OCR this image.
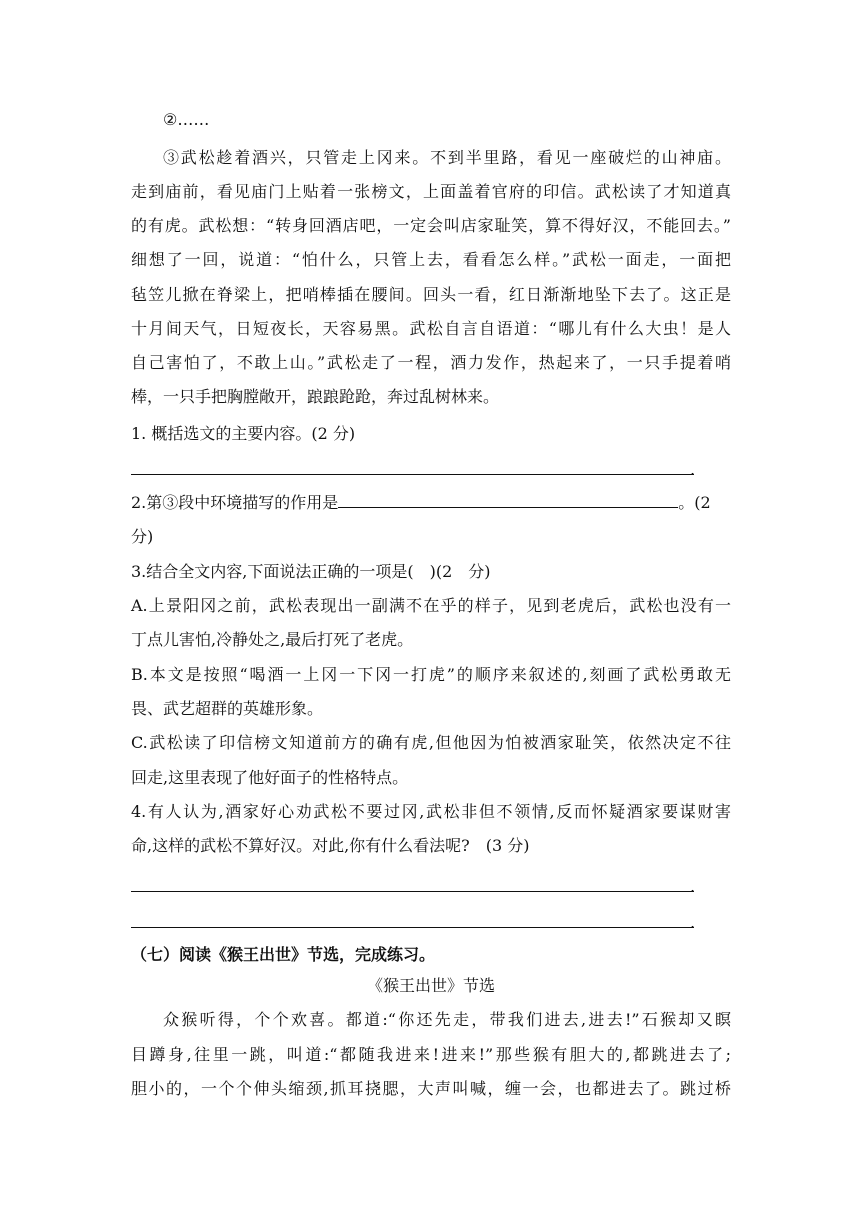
②……
③武松趁着酒兴，只管走上冈来。不到半里路，看见一座破烂的山神庙。
走到庙前，看见庙门上贴着一张榜文，上面盖着官府的印信。武松读了才知道真
的有虎。武松想：“转身回酒店吧，一定会叫店家耻笑，算不得好汉，不能回去。”
细想了一回，说道：“怕什么，只管上去，看看怎么样。”武松一面走，一面把
毡笠儿掀在脊梁上，把哨棒插在腰间。回头一看，红日渐渐地坠下去了。这正是
十月间天气，日短夜长，天容易黑。武松自言自语道：“哪儿有什么大虫！是人
自己害怕了，不敢上山。”武松走了一程，酒力发作，热起来了，一只手提着哨
棒，一只手把胸膛敞开，踉踉跄跄，奔过乱树林来。
1. 概括选文的主要内容。(2 分)
.
2.第③段中环境描写的作用是	。(2
分)
3.结合全文内容,下面说法正确的一项是(　)(2　分)
A.上景阳冈之前，武松表现出一副满不在乎的样子，见到老虎后，武松也没有一
丁点儿害怕,冷静处之,最后打死了老虎。
B.本文是按照“喝酒一上冈一下冈一打虎”的顺序来叙述的,刻画了武松勇敢无
畏、武艺超群的英雄形象。
C.武松读了印信榜文知道前方的确有虎,但他因为怕被酒家耻笑，依然决定不往
回走,这里表现了他好面子的性格特点。
4.有人认为,酒家好心劝武松不要过冈,武松非但不领情,反而怀疑酒家要谋财害
命,这样的武松不算好汉。对此,你有什么看法呢?　(3 分)
.
.
（七）阅读《猴王出世》节选，完成练习。
《猴王出世》节选
众猴听得，个个欢喜。都道:“你还先走，带我们进去,进去!”石猴却又瞑
目蹲身,往里一跳，叫道:“都随我进来!进来!”那些猴有胆大的,都跳进去了;
胆小的，一个个伸头缩颈,抓耳挠腮，大声叫喊，缠一会，也都进去了。跳过桥
